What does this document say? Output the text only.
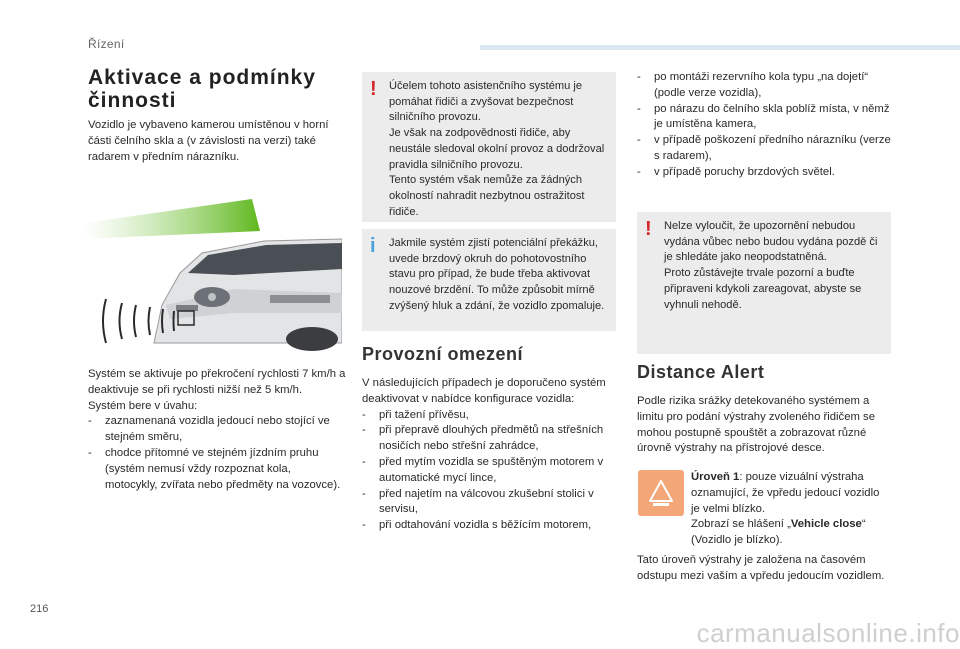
Řízení
Aktivace a podmínky činnosti

Vozidlo je vybaveno kamerou umístěnou v horní části čelního skla a (v závislosti na verzi) také radarem v předním nárazníku.

Systém se aktivuje po překročení rychlosti 7 km/h a deaktivuje se při rychlosti nižší než 5 km/h.

Systém bere v úvahu:

- zaznamenaná vozidla jedoucí nebo stojící ve stejném směru,
- chodce přítomné ve stejném jízdním pruhu (systém nemusí vždy rozpoznat kola, motocykly, zvířata nebo předměty na vozovce).
! Účelem tohoto asistenčního systému je pomáhat řidiči a zvyšovat bezpečnost silničního provozu.

Je však na zodpovědnosti řidiče, aby neustále sledoval okolní provoz a dodržoval pravidla silničního provozu.

Tento systém však nemůže za žádných okolností nahradit nezbytnou ostražitost řidiče.

i Jakmile systém zjistí potenciální překážku, uvede brzdový okruh do pohotovostního stavu pro případ, že bude třeba aktivovat nouzové brzdění. To může způsobit mírně zvýšený hluk a zdání, že vozidlo zpomaluje.

Provozní omezení

V následujících případech je doporučeno systém deaktivovat v nabídce konfigurace vozidla:

- při tažení přívěsu,
- při přepravě dlouhých předmětů na střešních nosičích nebo střešní zahrádce,
- před mytím vozidla se spuštěným motorem v automatické mycí lince,
- před najetím na válcovou zkušební stolici v servisu,
- při odtahování vozidla s běžícím motorem,
- po montáži rezervního kola typu „na dojetí“ (podle verze vozidla),
- po nárazu do čelního skla poblíž místa, v němž je umístěna kamera,
- v případě poškození předního nárazníku (verze s radarem),
- v případě poruchy brzdových světel.
! Nelze vyloučit, že upozornění nebudou vydána vůbec nebo budou vydána pozdě či je shledáte jako neopodstatněná.

Proto zůstávejte trvale pozorní a buďte připraveni kdykoli zareagovat, abyste se vyhnuli nehodě.

Distance Alert

Podle rizika srážky detekovaného systémem a limitu pro podání výstrahy zvoleného řidičem se mohou postupně spouštět a zobrazovat různé úrovně výstrahy na přístrojové desce.

Úroveň 1: pouze vizuální výstraha oznamující, že vpředu jedoucí vozidlo je velmi blízko.

Zobrazí se hlášení „Vehicle close“ (Vozidlo je blízko).

Tato úroveň výstrahy je založena na časovém odstupu mezi vaším a vpředu jedoucím vozidlem.

216
carmanualsonline.info
